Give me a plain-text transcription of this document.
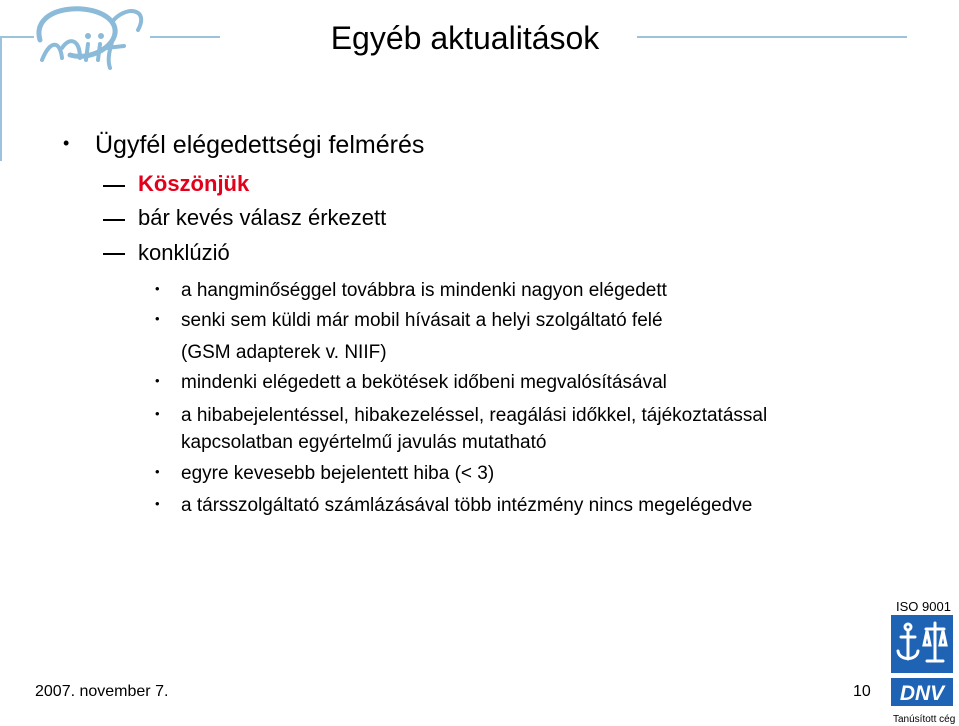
niif
Egyéb aktualitások
• Ügyfél elégedettségi felmérés
Köszönjük
bár kevés válasz érkezett
konklúzió
• a hangminőséggel továbbra is mindenki nagyon elégedett
• senki sem küldi már mobil hívásait a helyi szolgáltató felé
(GSM adapterek v. NIIF)
• mindenki elégedett a bekötések időbeni megvalósításával
• a hibabejelentéssel, hibakezeléssel, reagálási időkkel, tájékoztatással
kapcsolatban egyértelmű javulás mutatható
• egyre kevesebb bejelentett hiba (< 3)
• a társszolgáltató számlázásával több intézmény nincs megelégedve
ISO 9001
DNV
Tanúsított cég
2007. november 7.	10
